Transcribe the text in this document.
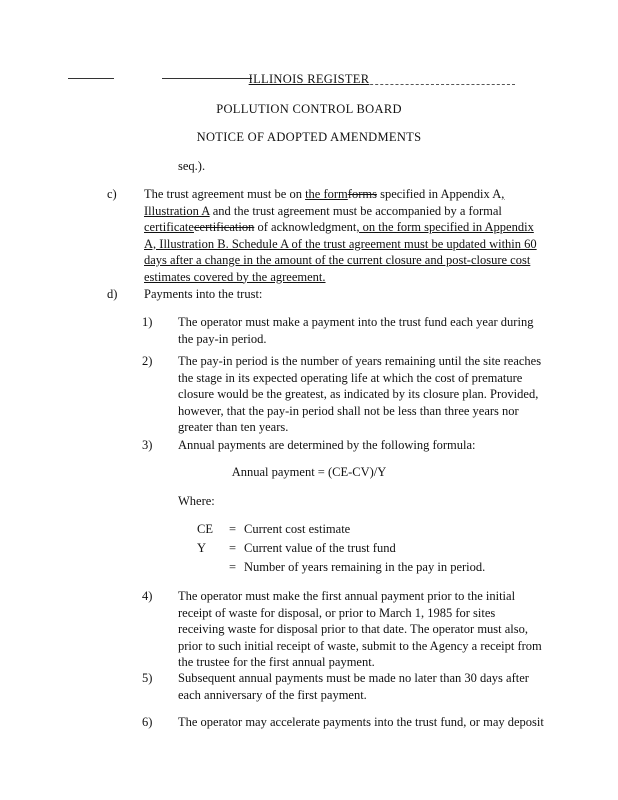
ILLINOIS REGISTER
POLLUTION CONTROL BOARD
NOTICE OF ADOPTED AMENDMENTS
seq.).
c) The trust agreement must be on the formforms specified in Appendix A, Illustration A and the trust agreement must be accompanied by a formal certificatecertification of acknowledgment, on the form specified in Appendix A, Illustration B. Schedule A of the trust agreement must be updated within 60 days after a change in the amount of the current closure and post-closure cost estimates covered by the agreement.
d) Payments into the trust:
1) The operator must make a payment into the trust fund each year during the pay-in period.
2) The pay-in period is the number of years remaining until the site reaches the stage in its expected operating life at which the cost of premature closure would be the greatest, as indicated by its closure plan. Provided, however, that the pay-in period shall not be less than three years nor greater than ten years.
3) Annual payments are determined by the following formula:
Annual payment = (CE-CV)/Y
Where:
CE = Current cost estimate
Y = Current value of the trust fund
= Number of years remaining in the pay in period.
4) The operator must make the first annual payment prior to the initial receipt of waste for disposal, or prior to March 1, 1985 for sites receiving waste for disposal prior to that date. The operator must also, prior to such initial receipt of waste, submit to the Agency a receipt from the trustee for the first annual payment.
5) Subsequent annual payments must be made no later than 30 days after each anniversary of the first payment.
6) The operator may accelerate payments into the trust fund, or may deposit
